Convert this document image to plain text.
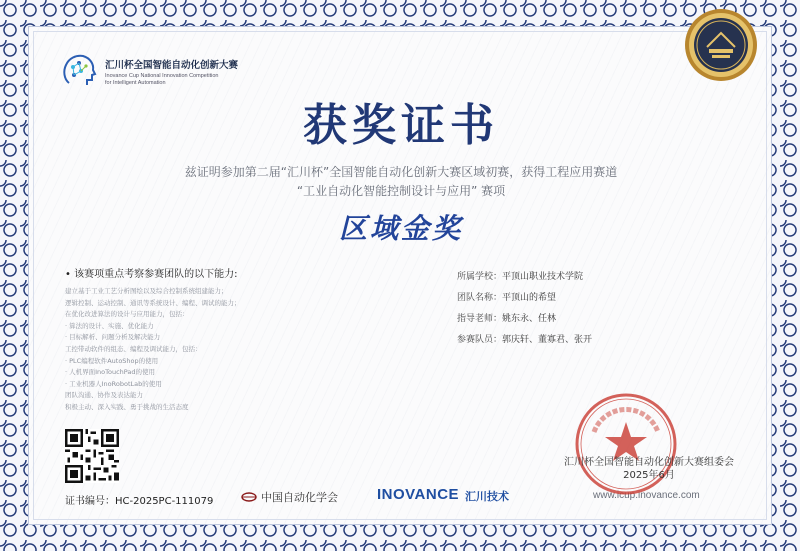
汇川杯全国智能自动化创新大赛
Inovance Cup National Innovation Competition
for Intelligent Automation
获奖证书
兹证明参加第二届“汇川杯”全国智能自动化创新大赛区域初赛，获得工程应用赛道
“工业自动化智能控制设计与应用” 赛项
区域金奖
• 该赛项重点考察参赛团队的以下能力:
建立基于工业工艺分析图绘以及综合控制系统组建能力；
逻辑控制、运动控制、通讯等系统设计、编程、调试的能力；
在优化改进算法的设计与应用能力，包括：
· 算法的设计、实施、优化能力
· 目标解析、问题分析及解决能力
工控带动软件的组态、编程及调试能力，包括：
· PLC编程软件AutoShop的使用
· 人机界面InoTouchPad的使用
· 工业机器人InoRobotLab的使用
团队沟通、协作及表达能力
积极主动、深入实践、勇于挑战的生活态度
所属学校：平顶山职业技术学院
团队名称：平顶山的希望
指导老师：姚东永、任林
参赛队员：郭庆轩、董寡君、张开
证书编号：HC-2025PC-111079	中国自动化学会	INOVANCE 汇川技术	www.icup.inovance.com
汇川杯全国智能自动化创新大赛组委会
2025年6月
